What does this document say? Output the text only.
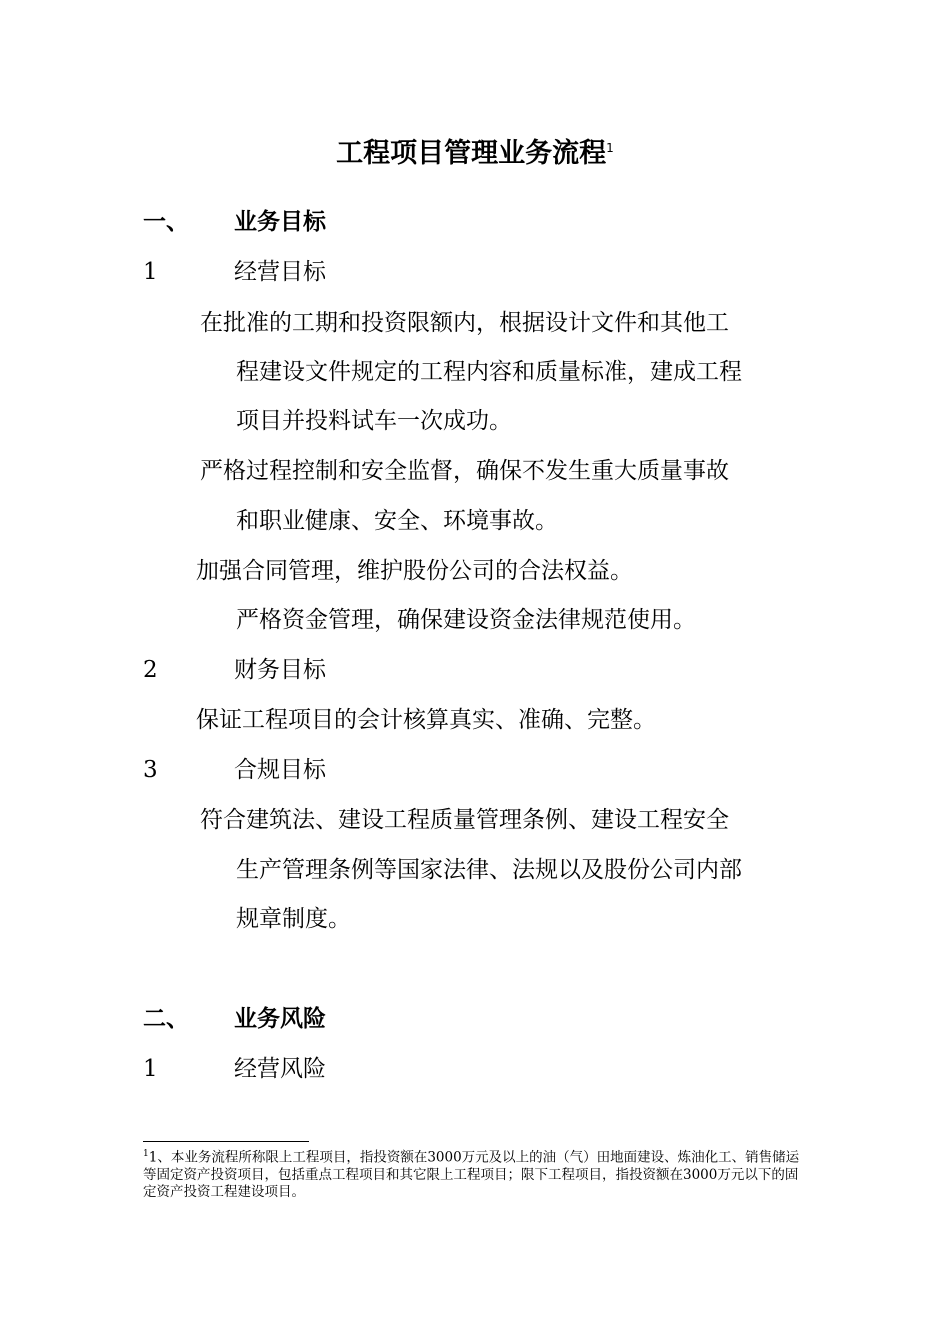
工程项目管理业务流程$^1$
一、 业务目标
1	经营目标
在批准的工期和投资限额内，根据设计文件和其他工
程建设文件规定的工程内容和质量标准，建成工程
项目并投料试车一次成功。
严格过程控制和安全监督，确保不发生重大质量事故
和职业健康、安全、环境事故。
加强合同管理，维护股份公司的合法权益。
严格资金管理，确保建设资金法律规范使用。
2	财务目标
保证工程项目的会计核算真实、准确、完整。
3	合规目标
符合建筑法、建设工程质量管理条例、建设工程安全
生产管理条例等国家法律、法规以及股份公司内部
规章制度。
二、 业务风险
1	经营风险
$^1$1、本业务流程所称限上工程项目，指投资额在3000万元及以上的油（气）田地面建设、炼油化工、销售储运等固定资产投资项目，包括重点工程项目和其它限上工程项目；限下工程项目，指投资额在3000万元以下的固定资产投资工程建设项目。
